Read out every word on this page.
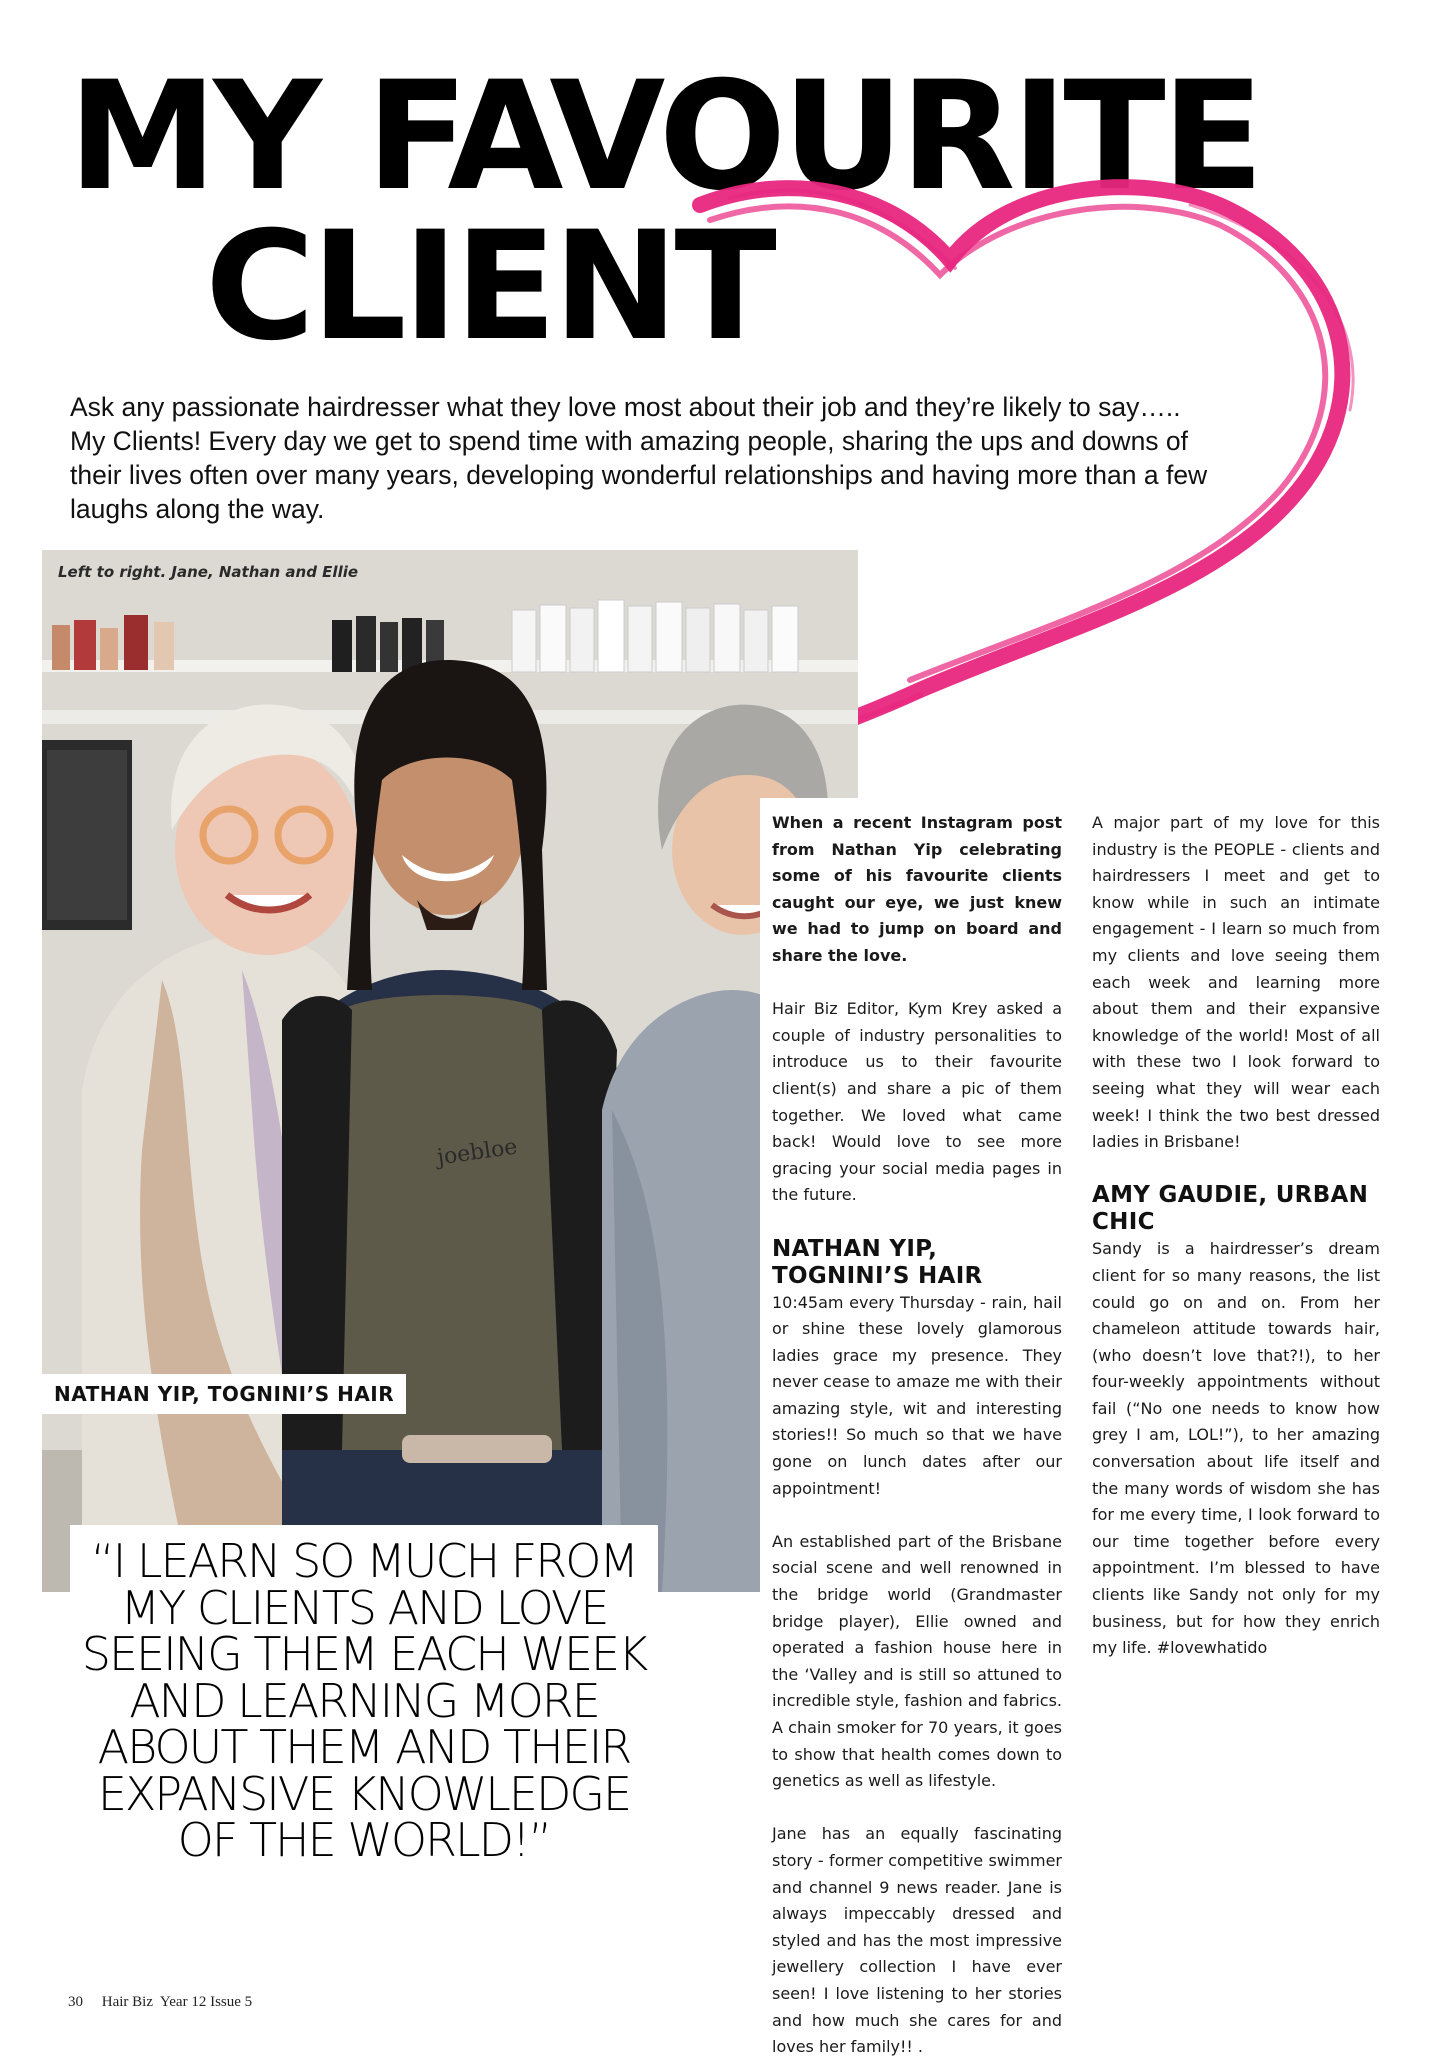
MY FAVOURITE
CLIENT
Ask any passionate hairdresser what they love most about their job and they’re likely to say….. My Clients! Every day we get to spend time with amazing people, sharing the ups and downs of their lives often over many years, developing wonderful relationships and having more than a few laughs along the way.
joebloe
Left to right. Jane, Nathan and Ellie
NATHAN YIP, TOGNINI’S HAIR
“I LEARN SO MUCH FROM MY CLIENTS AND LOVE SEEING THEM EACH WEEK AND LEARNING MORE ABOUT THEM AND THEIR EXPANSIVE KNOWLEDGE OF THE WORLD!”

When a recent Instagram post from Nathan Yip celebrating some of his favourite clients caught our eye, we just knew we had to jump on board and share the love.

Hair Biz Editor, Kym Krey asked a couple of industry personalities to introduce us to their favourite client(s) and share a pic of them together. We loved what came back! Would love to see more gracing your social media pages in the future.

NATHAN YIP, TOGNINI’S HAIR

10:45am every Thursday - rain, hail or shine these lovely glamorous ladies grace my presence. They never cease to amaze me with their amazing style, wit and interesting stories!! So much so that we have gone on lunch dates after our appointment!

An established part of the Brisbane social scene and well renowned in the bridge world (Grandmaster bridge player), Ellie owned and operated a fashion house here in the ‘Valley and is still so attuned to incredible style, fashion and fabrics. A chain smoker for 70 years, it goes to show that health comes down to genetics as well as lifestyle.

Jane has an equally fascinating story - former competitive swimmer and channel 9 news reader. Jane is always impeccably dressed and styled and has the most impressive jewellery collection I have ever seen! I love listening to her stories and how much she cares for and loves her family!! .

A major part of my love for this industry is the PEOPLE - clients and hairdressers I meet and get to know while in such an intimate engagement - I learn so much from my clients and love seeing them each week and learning more about them and their expansive knowledge of the world! Most of all with these two I look forward to seeing what they will wear each week! I think the two best dressed ladies in Brisbane!

AMY GAUDIE, URBAN CHIC

Sandy is a hairdresser’s dream client for so many reasons, the list could go on and on. From her chameleon attitude towards hair, (who doesn’t love that?!), to her four-weekly appointments without fail (“No one needs to know how grey I am, LOL!”), to her amazing conversation about life itself and the many words of wisdom she has for me every time, I look forward to our time together before every appointment. I’m blessed to have clients like Sandy not only for my business, but for how they enrich my life. #lovewhatido

30     Hair Biz  Year 12 Issue 5
